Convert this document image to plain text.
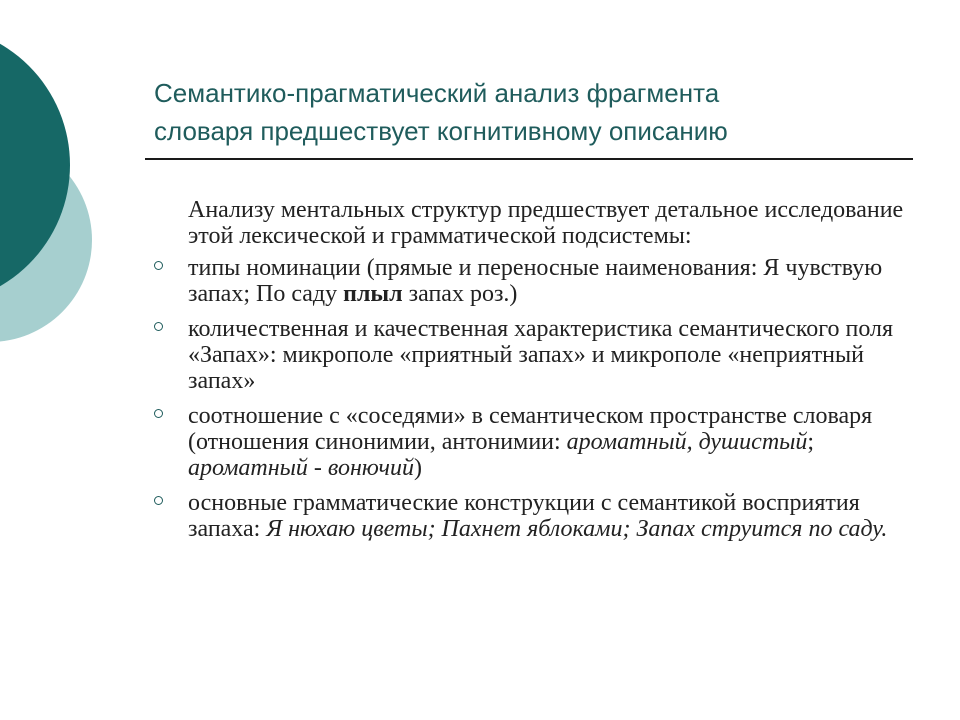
Семантико-прагматический анализ фрагмента
словаря предшествует когнитивному описанию

Анализу ментальных структур предшествует детальное исследование этой лексической и грамматической подсистемы:

типы номинации (прямые и переносные наименования: Я чувствую запах; По саду плыл запах роз.)
количественная и качественная характеристика семантического поля «Запах»: микрополе «приятный запах» и микрополе «неприятный запах»
соотношение с «соседями» в семантическом пространстве словаря (отношения синонимии, антонимии: ароматный, душистый; ароматный - вонючий)
основные грамматические конструкции с семантикой восприятия запаха: Я нюхаю цветы; Пахнет яблоками; Запах струится по саду.
